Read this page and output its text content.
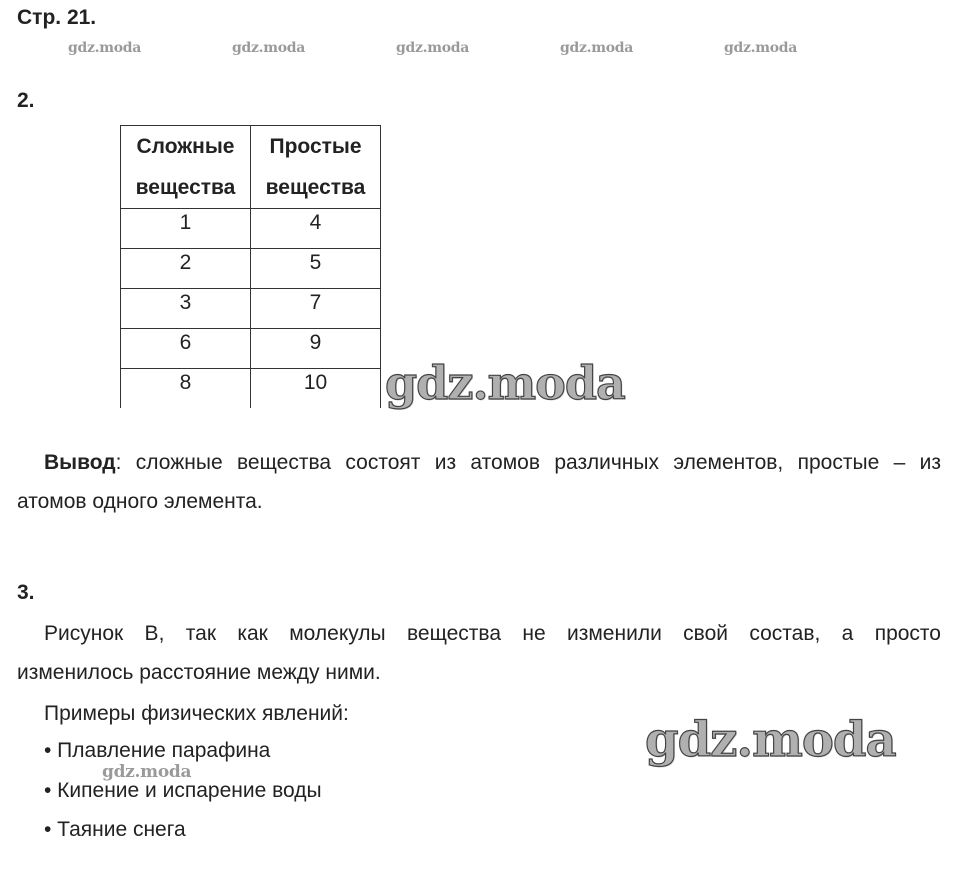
Стр. 21.
gdz.moda	gdz.moda	gdz.moda	gdz.moda	gdz.moda
2.
Сложные вещества	Простые вещества
1	4
2	5
3	7
6	9
8	10 gdz.moda
Вывод: сложные вещества состоят из атомов различных элементов, простые – из
атомов одного элемента.
3.
Рисунок В, так как молекулы вещества не изменили свой состав, а просто
изменилось расстояние между ними.
Примеры физических явлений:
• Плавление парафина
gdz.moda
• Кипение и испарение воды
• Таяние снега
gdz.moda
